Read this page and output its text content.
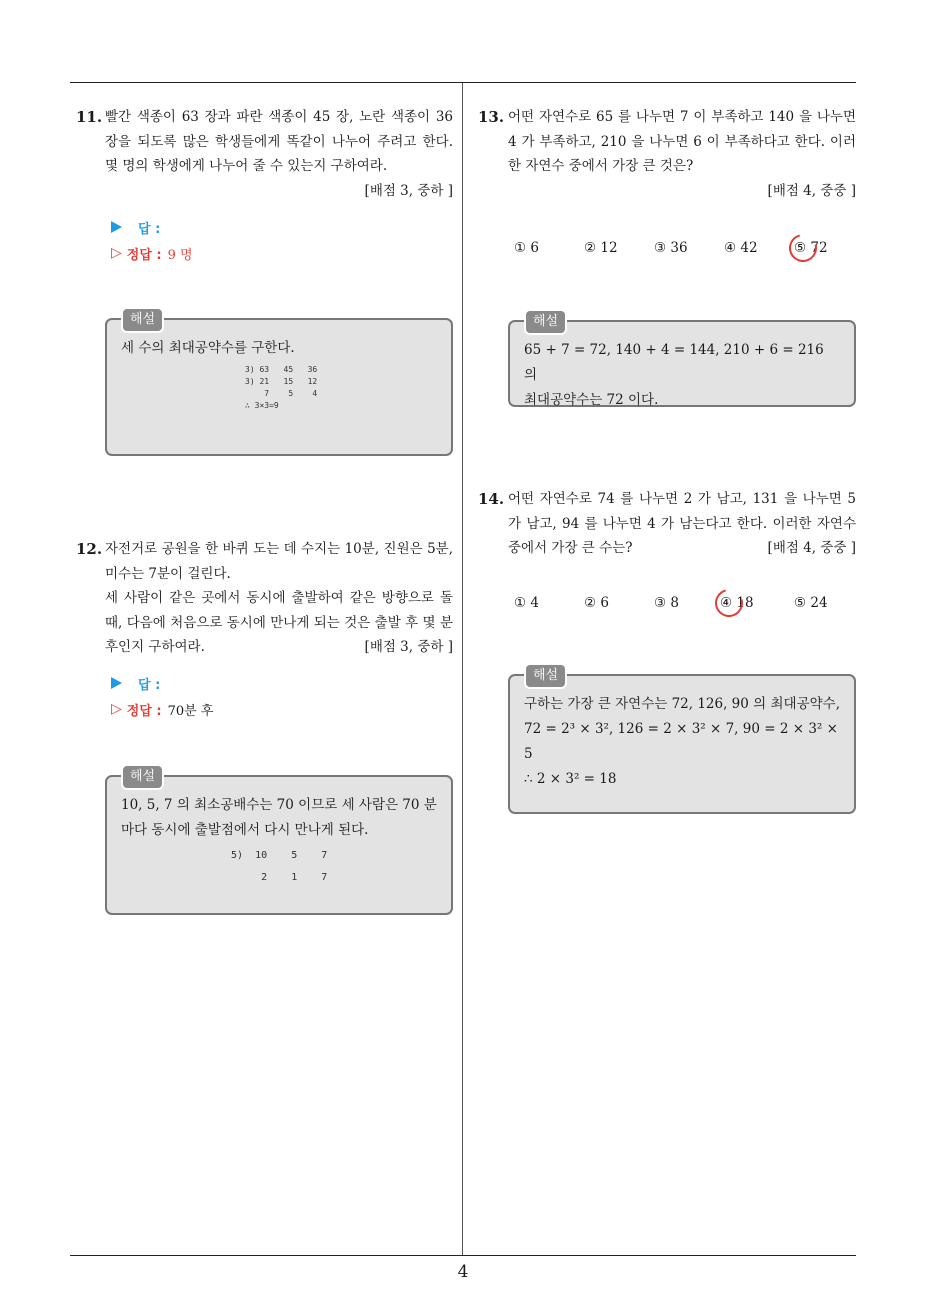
11. 빨간 색종이 63 장과 파란 색종이 45 장, 노란 색종이 36 장을 되도록 많은 학생들에게 똑같이 나누어 주려고 한다. 몇 명의 학생에게 나누어 줄 수 있는지 구하여라.
[배점 3, 중하 ]
답 :
▷ 정답 : 9 명
해설
세 수의 최대공약수를 구한다.
3) 63   45   36
3) 21   15   12
7    5    4
∴ 3×3=9
12. 자전거로 공원을 한 바퀴 도는 데 수지는 10분, 진원은 5분, 미수는 7분이 걸린다.
세 사람이 같은 곳에서 동시에 출발하여 같은 방향으로 돌 때, 다음에 처음으로 동시에 만나게 되는 것은 출발 후 몇 분 후인지 구하여라.	[배점 3, 중하 ]
답 :
▷ 정답 : 70분 후
해설
10, 5, 7 의 최소공배수는 70 이므로 세 사람은 70 분마다 동시에 출발점에서 다시 만나게 된다.
5)  10    5    7
2    1    7
13. 어떤 자연수로 65 를 나누면 7 이 부족하고 140 을 나누면 4 가 부족하고, 210 을 나누면 6 이 부족하다고 한다. 이러한 자연수 중에서 가장 큰 것은?
[배점 4, 중중 ]
① 6	② 12	③ 36	④ 42	⑤ 72
해설
65 + 7 = 72, 140 + 4 = 144, 210 + 6 = 216 의
최대공약수는 72 이다.
14. 어떤 자연수로 74 를 나누면 2 가 남고, 131 을 나누면 5 가 남고, 94 를 나누면 4 가 남는다고 한다. 이러한 자연수 중에서 가장 큰 수는?	[배점 4, 중중 ]
① 4	② 6	③ 8	④ 18	⑤ 24
해설
구하는 가장 큰 자연수는 72, 126, 90 의 최대공약수,
72 = 2³ × 3², 126 = 2 × 3² × 7, 90 = 2 × 3² × 5
∴ 2 × 3² = 18
4
